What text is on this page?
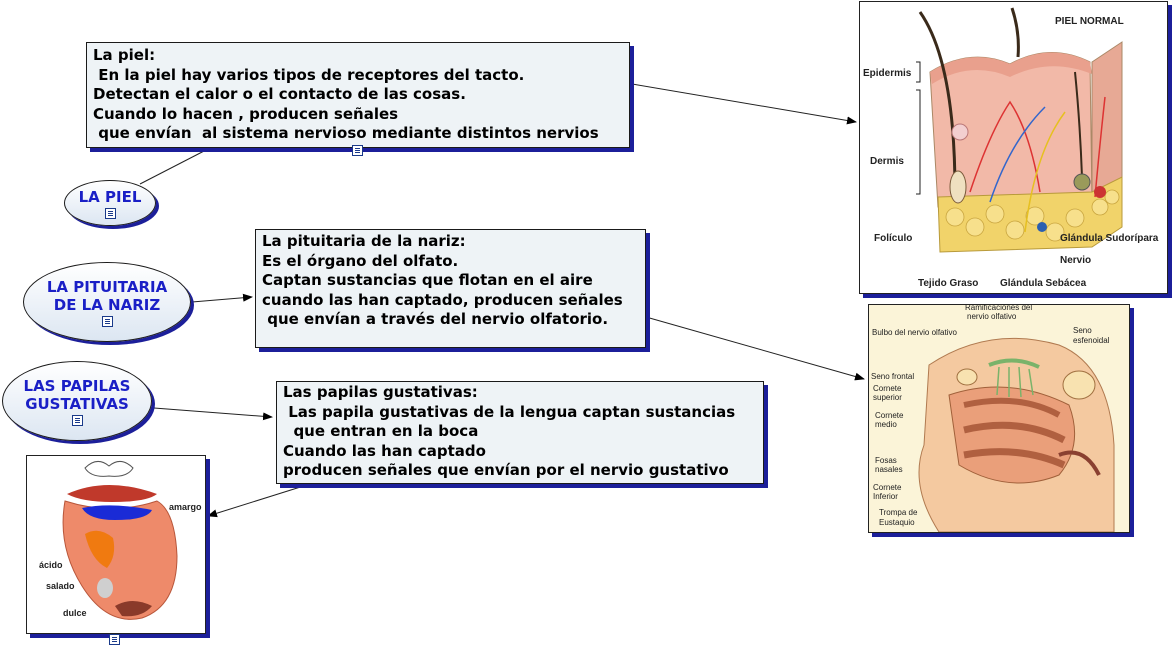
La piel:
En la piel hay varios tipos de receptores del tacto.
Detectan el calor o el contacto de las cosas.
Cuando lo hacen , producen señales
que envían  al sistema nervioso mediante distintos nervios
La pituitaria de la nariz:
Es el órgano del olfato.
Captan sustancias que flotan en el aire
cuando las han captado, producen señales
que envían a través del nervio olfatorio.
Las papilas gustativas:
Las papila gustativas de la lengua captan sustancias
que entran en la boca
Cuando las han captado
producen señales que envían por el nervio gustativo
LA PIEL
LA PITUITARIA
DE LA NARIZ
LAS PAPILAS
GUSTATIVAS
PIEL NORMAL
Epidermis
Dermis
Folículo
Tejido Graso Glándula Sebácea
Nervio
Glándula Sudorípara
Ramificaciones del
nervio olfativo
Bulbo del nervio olfativo	Seno
esfenoidal
Seno frontal
Cornete
superior
Cornete
medio
Fosas
nasales
Cornete
Inferior
Trompa de
Eustaquio
amargo
ácido
salado
dulce
